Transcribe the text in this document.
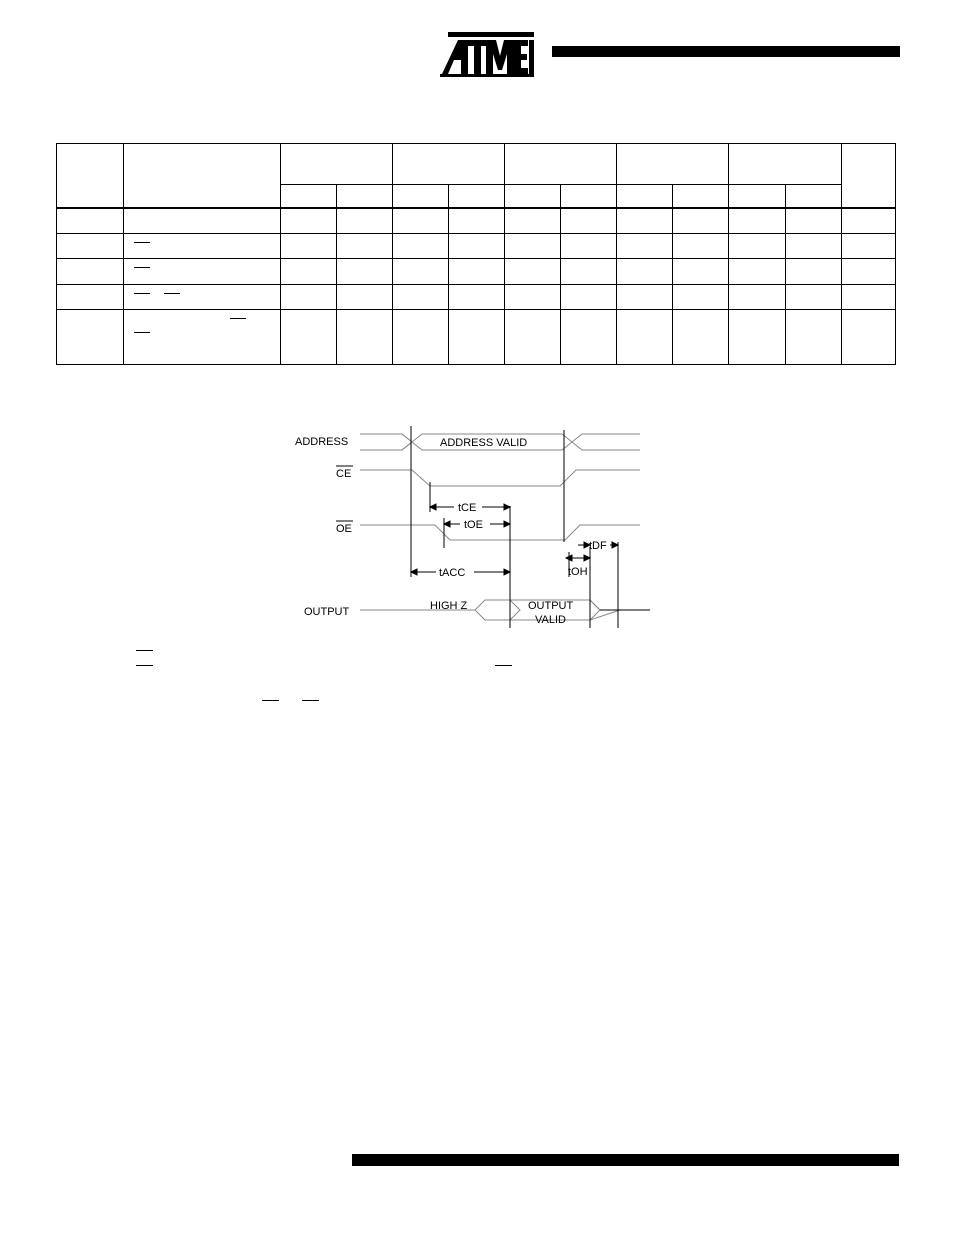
ADDRESS
CE
OE
OUTPUT
ADDRESS VALID
HIGH Z	OUTPUT
VALID
tCE
tOE
tACC	tOH
tDF
